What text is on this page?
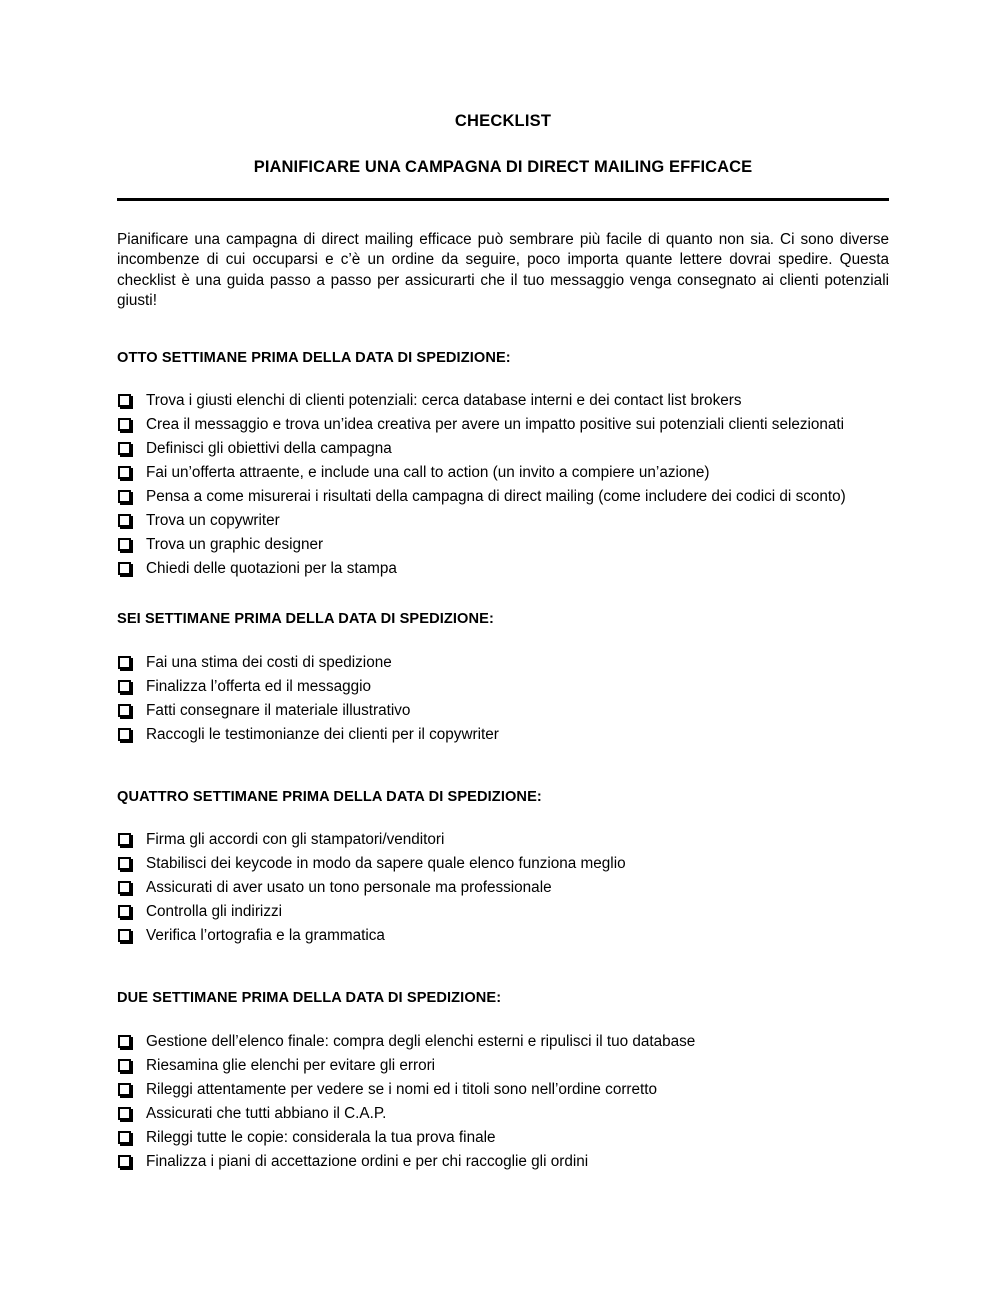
CHECKLIST
PIANIFICARE UNA CAMPAGNA DI DIRECT MAILING EFFICACE

Pianificare una campagna di direct mailing efficace può sembrare più facile di quanto non sia. Ci sono diverse incombenze di cui occuparsi e c’è un ordine da seguire, poco importa quante lettere dovrai spedire. Questa checklist è una guida passo a passo per assicurarti che il tuo messaggio venga consegnato ai clienti potenziali giusti!

OTTO SETTIMANE PRIMA DELLA DATA DI SPEDIZIONE:
Trova i giusti elenchi di clienti potenziali: cerca database interni e dei contact list brokers
Crea il messaggio e trova un’idea creativa per avere un impatto positive sui potenziali clienti selezionati
Definisci gli obiettivi della campagna
Fai un’offerta attraente, e include una call to action (un invito a compiere un’azione)
Pensa a come misurerai i risultati della campagna di direct mailing (come includere dei codici di sconto)
Trova un copywriter
Trova un graphic designer
Chiedi delle quotazioni per la stampa
SEI SETTIMANE PRIMA DELLA DATA DI SPEDIZIONE:
Fai una stima dei costi di spedizione
Finalizza l’offerta ed il messaggio
Fatti consegnare il materiale illustrativo
Raccogli le testimonianze dei clienti per il copywriter
QUATTRO SETTIMANE PRIMA DELLA DATA DI SPEDIZIONE:
Firma gli accordi con gli stampatori/venditori
Stabilisci dei keycode in modo da sapere quale elenco funziona meglio
Assicurati di aver usato un tono personale ma professionale
Controlla gli indirizzi
Verifica l’ortografia e la grammatica
DUE SETTIMANE PRIMA DELLA DATA DI SPEDIZIONE:
Gestione dell’elenco finale: compra degli elenchi esterni e ripulisci il tuo database
Riesamina glie elenchi per evitare gli errori
Rileggi attentamente per vedere se i nomi ed i titoli sono nell’ordine corretto
Assicurati che tutti abbiano il C.A.P.
Rileggi tutte le copie: considerala la tua prova finale
Finalizza i piani di accettazione ordini e per chi raccoglie gli ordini
